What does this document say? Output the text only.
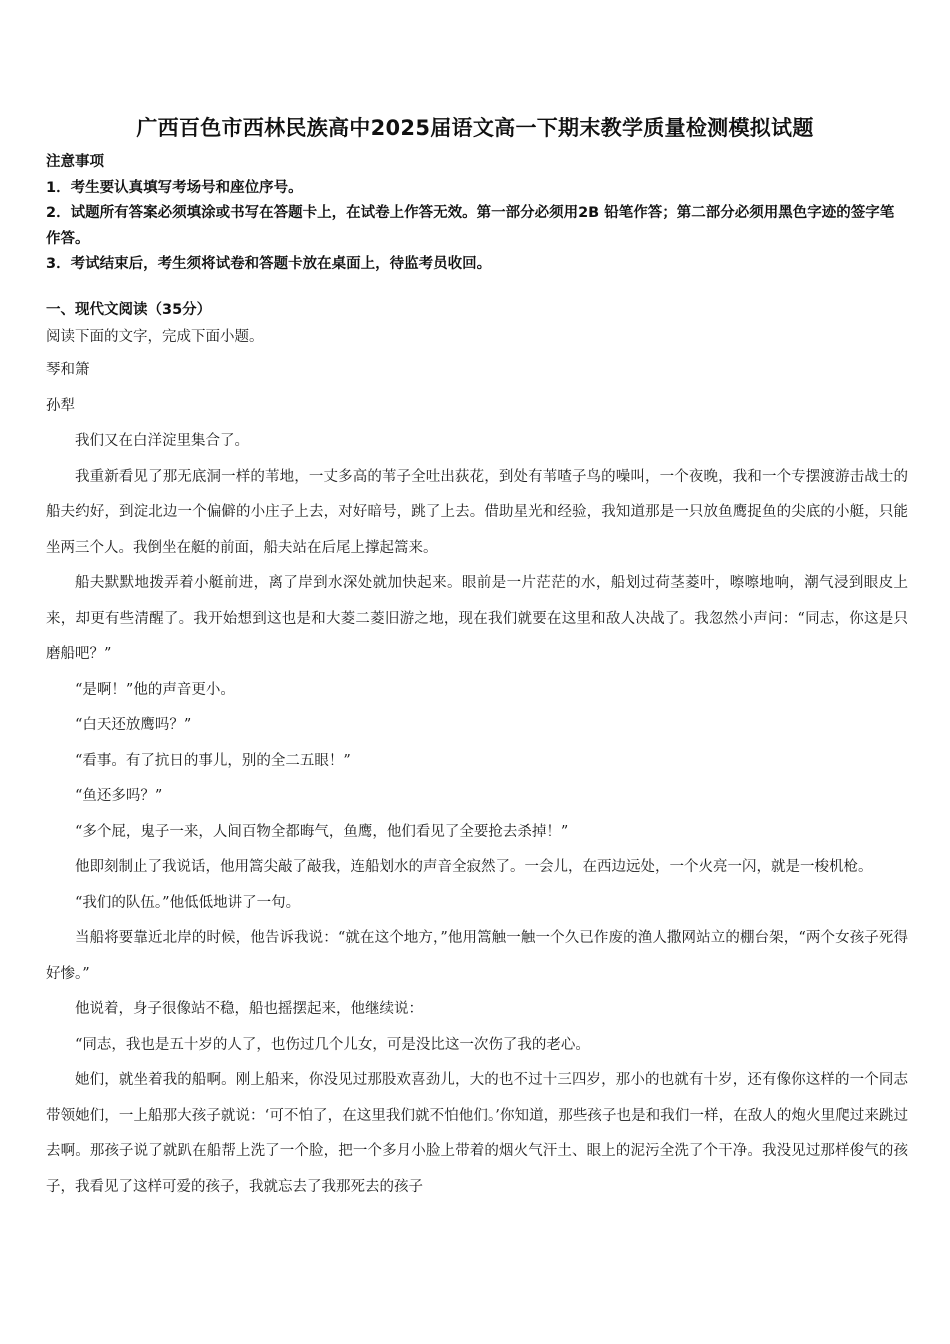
广西百色市西林民族高中2025届语文高一下期末教学质量检测模拟试题

注意事项

1．考生要认真填写考场号和座位序号。

2．试题所有答案必须填涂或书写在答题卡上，在试卷上作答无效。第一部分必须用2B 铅笔作答；第二部分必须用黑色字迹的签字笔作答。

3．考试结束后，考生须将试卷和答题卡放在桌面上，待监考员收回。

一、现代文阅读（35分）

阅读下面的文字，完成下面小题。

琴和箫

孙犁

我们又在白洋淀里集合了。

我重新看见了那无底洞一样的苇地，一丈多高的苇子全吐出荻花，到处有苇喳子鸟的噪叫，一个夜晚，我和一个专摆渡游击战士的船夫约好，到淀北边一个偏僻的小庄子上去，对好暗号，跳了上去。借助星光和经验，我知道那是一只放鱼鹰捉鱼的尖底的小艇，只能坐两三个人。我倒坐在艇的前面，船夫站在后尾上撑起篙来。

船夫默默地拨弄着小艇前进，离了岸到水深处就加快起来。眼前是一片茫茫的水，船划过荷茎菱叶，嚓嚓地响，潮气浸到眼皮上来，却更有些清醒了。我开始想到这也是和大菱二菱旧游之地，现在我们就要在这里和敌人决战了。我忽然小声问：“同志，你这是只磨船吧？”

“是啊！”他的声音更小。

“白天还放鹰吗？”

“看事。有了抗日的事儿，别的全二五眼！”

“鱼还多吗？”

“多个屁，鬼子一来，人间百物全都晦气，鱼鹰，他们看见了全要抢去杀掉！”

他即刻制止了我说话，他用篙尖敲了敲我，连船划水的声音全寂然了。一会儿，在西边远处，一个火亮一闪，就是一梭机枪。

“我们的队伍。”他低低地讲了一句。

当船将要靠近北岸的时候，他告诉我说：“就在这个地方，”他用篙触一触一个久已作废的渔人撒网站立的棚台架，“两个女孩子死得好惨。”

他说着，身子很像站不稳，船也摇摆起来，他继续说：

“同志，我也是五十岁的人了，也伤过几个儿女，可是没比这一次伤了我的老心。

她们，就坐着我的船啊。刚上船来，你没见过那股欢喜劲儿，大的也不过十三四岁，那小的也就有十岁，还有像你这样的一个同志带领她们，一上船那大孩子就说：‘可不怕了，在这里我们就不怕他们。’你知道，那些孩子也是和我们一样，在敌人的炮火里爬过来跳过去啊。那孩子说了就趴在船帮上洗了一个脸，把一个多月小脸上带着的烟火气汗土、眼上的泥污全洗了个干净。我没见过那样俊气的孩子，我看见了这样可爱的孩子，我就忘去了我那死去的孩子
